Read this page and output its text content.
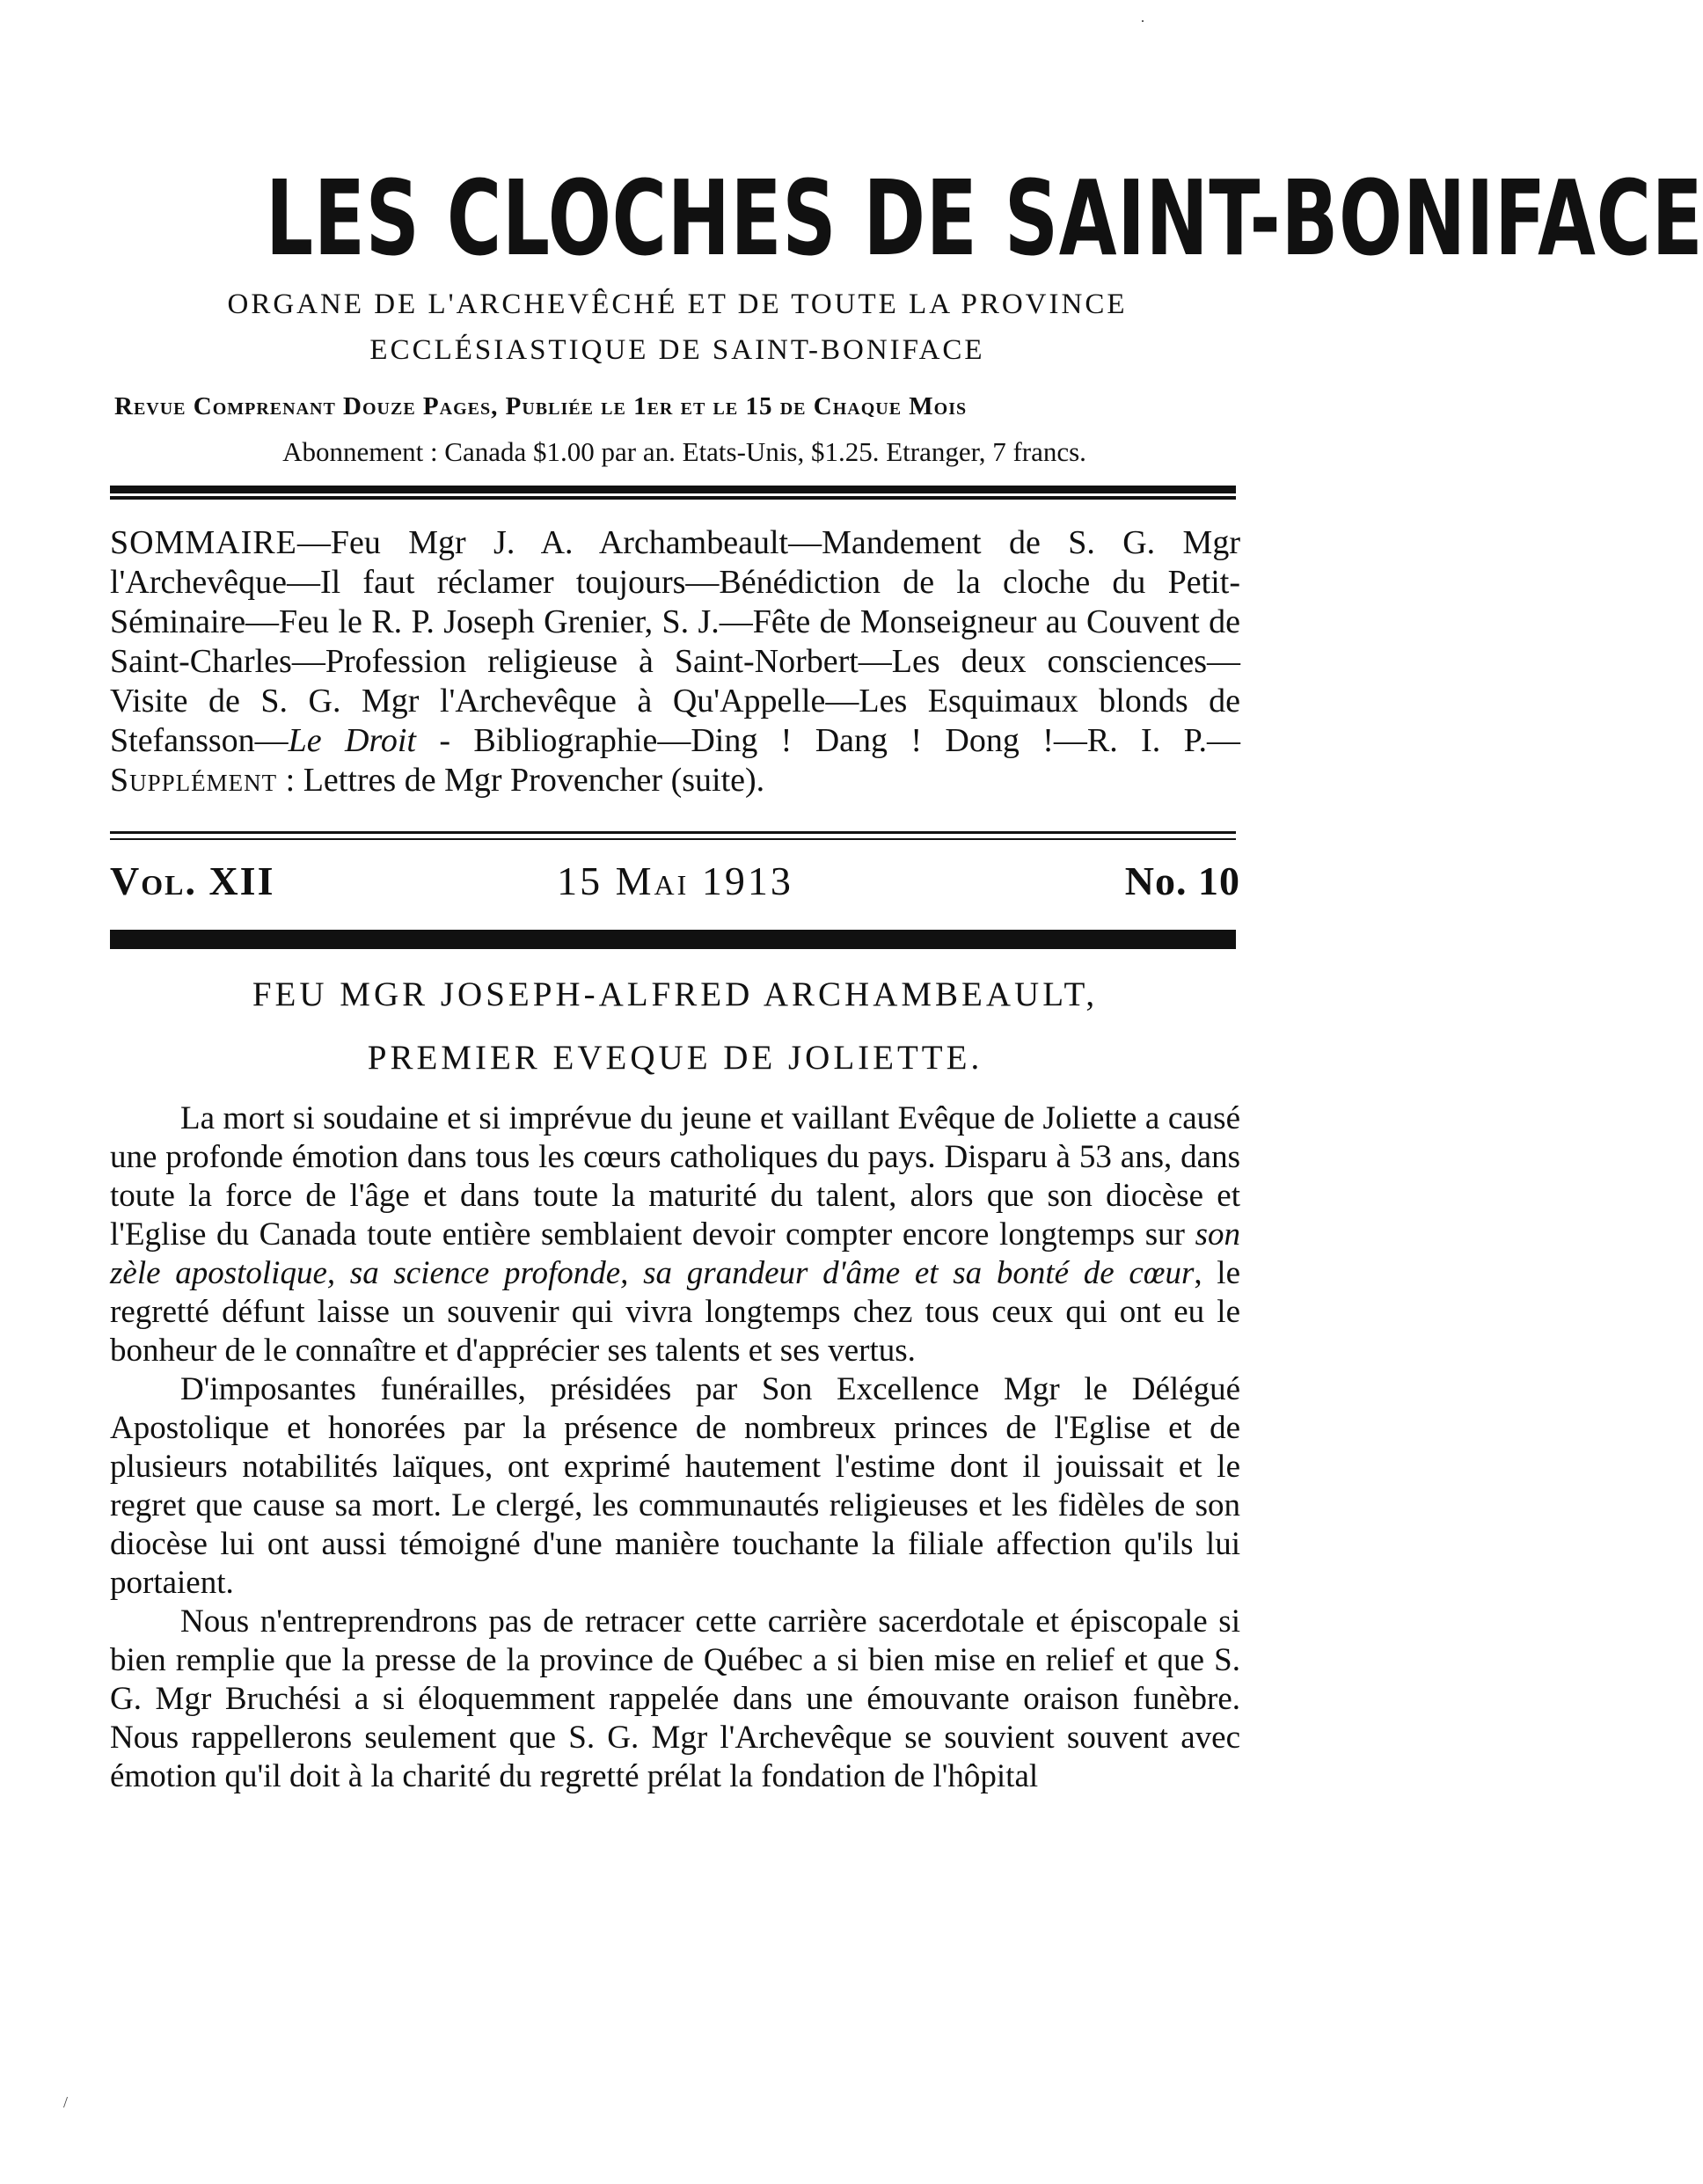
LES CLOCHES DE SAINT-BONIFACE
ORGANE DE L'ARCHEVÊCHÉ ET DE TOUTE LA PROVINCE
ECCLÉSIASTIQUE DE SAINT-BONIFACE
Revue Comprenant Douze Pages, Publiée le 1er et le 15 de Chaque Mois
Abonnement : Canada $1.00 par an. Etats-Unis, $1.25. Etranger, 7 francs.
SOMMAIRE—Feu Mgr J. A. Archambeault—Mandement de S. G. Mgr l'Archevêque—Il faut réclamer toujours—Bénédiction de la cloche du Petit-Séminaire—Feu le R. P. Joseph Grenier, S. J.—Fête de Monseigneur au Couvent de Saint-Charles—Profession religieuse à Saint-Norbert—Les deux consciences—Visite de S. G. Mgr l'Archevêque à Qu'Appelle—Les Esquimaux blonds de Stefansson—Le Droit - Bibliographie—Ding ! Dang ! Dong !—R. I. P.—Supplément : Lettres de Mgr Provencher (suite).
Vol. XII	15 Mai 1913	No. 10
FEU MGR JOSEPH-ALFRED ARCHAMBEAULT,
PREMIER EVEQUE DE JOLIETTE.

La mort si soudaine et si imprévue du jeune et vaillant Evêque de Joliette a causé une profonde émotion dans tous les cœurs catholiques du pays. Disparu à 53 ans, dans toute la force de l'âge et dans toute la maturité du talent, alors que son diocèse et l'Eglise du Canada toute entière semblaient devoir compter encore longtemps sur son zèle apostolique, sa science profonde, sa grandeur d'âme et sa bonté de cœur, le regretté défunt laisse un souvenir qui vivra longtemps chez tous ceux qui ont eu le bonheur de le connaître et d'apprécier ses talents et ses vertus.

D'imposantes funérailles, présidées par Son Excellence Mgr le Délégué Apostolique et honorées par la présence de nombreux princes de l'Eglise et de plusieurs notabilités laïques, ont exprimé hautement l'estime dont il jouissait et le regret que cause sa mort. Le clergé, les communautés religieuses et les fidèles de son diocèse lui ont aussi témoigné d'une manière touchante la filiale affection qu'ils lui portaient.

Nous n'entreprendrons pas de retracer cette carrière sacerdotale et épiscopale si bien remplie que la presse de la province de Québec a si bien mise en relief et que S. G. Mgr Bruchési a si éloquemment rappelée dans une émouvante oraison funèbre. Nous rappellerons seulement que S. G. Mgr l'Archevêque se souvient souvent avec émotion qu'il doit à la charité du regretté prélat la fondation de l'hôpital

·
/
